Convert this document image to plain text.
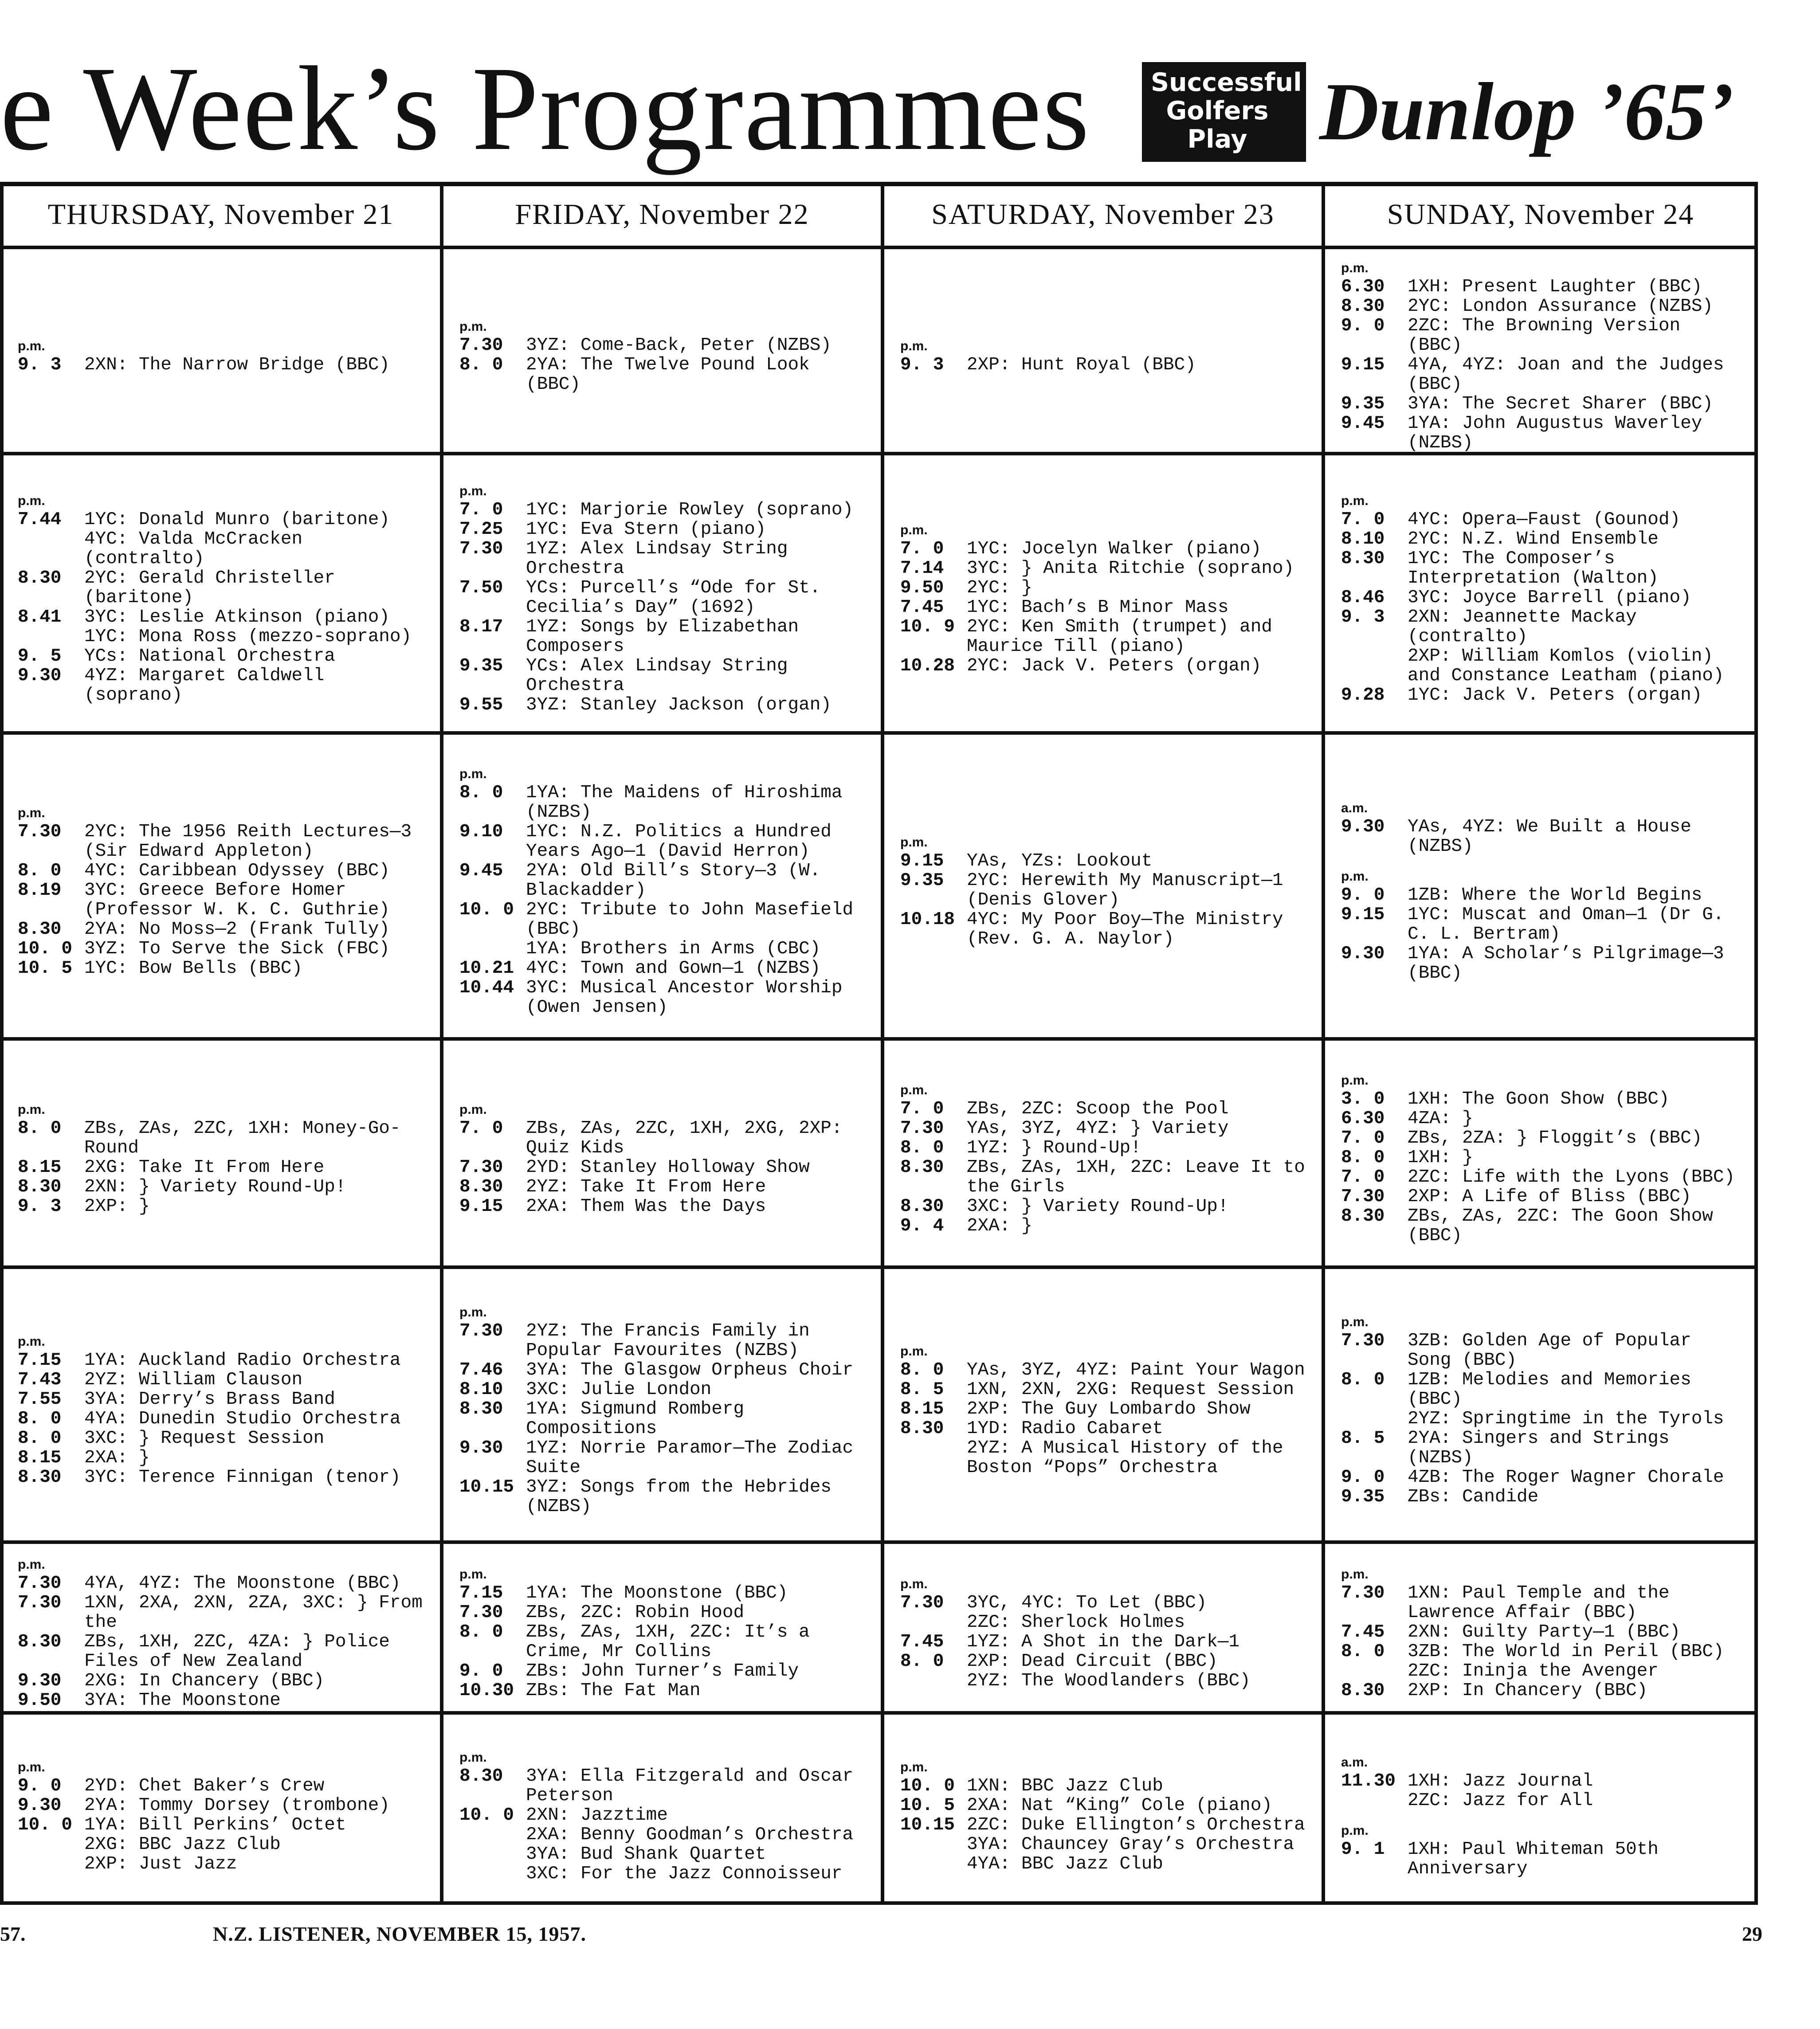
e Week’s Programmes Successful
Golfers
Play Dunlop ’65’
THURSDAY, November 21	FRIDAY, November 22	SATURDAY, November 23	SUNDAY, November 24
p.m.
9. 3	2XN: The Narrow Bridge (BBC)
p.m.
7.30	3YZ: Come-Back, Peter (NZBS)
8. 0	2YA: The Twelve Pound Look (BBC)
p.m.
9. 3	2XP: Hunt Royal (BBC)
p.m.
6.30	1XH: Present Laughter (BBC)
8.30	2YC: London Assurance (NZBS)
9. 0	2ZC: The Browning Version (BBC)
9.15	4YA, 4YZ: Joan and the Judges (BBC)
9.35	3YA: The Secret Sharer (BBC)
9.45	1YA: John Augustus Waverley (NZBS)
p.m.
7.44	1YC: Donald Munro (baritone)
4YC: Valda McCracken (contralto)
8.30	2YC: Gerald Christeller (baritone)
8.41	3YC: Leslie Atkinson (piano)
1YC: Mona Ross (mezzo-soprano)
9. 5	YCs: National Orchestra
9.30	4YZ: Margaret Caldwell (soprano)
p.m.
7. 0	1YC: Marjorie Rowley (soprano)
7.25	1YC: Eva Stern (piano)
7.30	1YZ: Alex Lindsay String Orchestra
7.50	YCs: Purcell’s “Ode for St. Cecilia’s Day” (1692)
8.17	1YZ: Songs by Elizabethan Composers
9.35	YCs: Alex Lindsay String Orchestra
9.55	3YZ: Stanley Jackson (organ)
p.m.
7. 0	1YC: Jocelyn Walker (piano)
7.14	3YC: } Anita Ritchie (soprano)
9.50	2YC: }
7.45	1YC: Bach’s B Minor Mass
10. 9 2YC: Ken Smith (trumpet) and Maurice Till (piano)
10.28 2YC: Jack V. Peters (organ)
p.m.
7. 0	4YC: Opera—Faust (Gounod)
8.10	2YC: N.Z. Wind Ensemble
8.30	1YC: The Composer’s Interpretation (Walton)
8.46	3YC: Joyce Barrell (piano)
9. 3	2XN: Jeannette Mackay (contralto)
2XP: William Komlos (violin) and Constance Leatham (piano)
9.28	1YC: Jack V. Peters (organ)
p.m.
7.30	2YC: The 1956 Reith Lectures—3 (Sir Edward Appleton)
8. 0	4YC: Caribbean Odyssey (BBC)
8.19	3YC: Greece Before Homer (Professor W. K. C. Guthrie)
8.30	2YA: No Moss—2 (Frank Tully)
10. 0 3YZ: To Serve the Sick (FBC)
10. 5 1YC: Bow Bells (BBC)
p.m.
8. 0	1YA: The Maidens of Hiroshima (NZBS)
9.10	1YC: N.Z. Politics a Hundred Years Ago—1 (David Herron)
9.45	2YA: Old Bill’s Story—3 (W. Blackadder)
10. 0 2YC: Tribute to John Masefield (BBC)
1YA: Brothers in Arms (CBC)
10.21 4YC: Town and Gown—1 (NZBS)
10.44 3YC: Musical Ancestor Worship (Owen Jensen)
p.m.
9.15	YAs, YZs: Lookout
9.35	2YC: Herewith My Manuscript—1 (Denis Glover)
10.18 4YC: My Poor Boy—The Ministry (Rev. G. A. Naylor)
a.m.
9.30	YAs, 4YZ: We Built a House (NZBS)
p.m.
9. 0	1ZB: Where the World Begins
9.15	1YC: Muscat and Oman—1 (Dr G. C. L. Bertram)
9.30	1YA: A Scholar’s Pilgrimage—3 (BBC)
p.m.
8. 0	ZBs, ZAs, 2ZC, 1XH: Money-Go-Round
8.15	2XG: Take It From Here
8.30	2XN: } Variety Round-Up!
9. 3	2XP: }
p.m.
7. 0	ZBs, ZAs, 2ZC, 1XH, 2XG, 2XP: Quiz Kids
7.30	2YD: Stanley Holloway Show
8.30	2YZ: Take It From Here
9.15	2XA: Them Was the Days
p.m.
7. 0	ZBs, 2ZC: Scoop the Pool
7.30	YAs, 3YZ, 4YZ: } Variety
8. 0	1YZ: } Round-Up!
8.30	ZBs, ZAs, 1XH, 2ZC: Leave It to the Girls
8.30	3XC: } Variety Round-Up!
9. 4	2XA: }
p.m.
3. 0	1XH: The Goon Show (BBC)
6.30	4ZA: }
7. 0	ZBs, 2ZA: } Floggit’s (BBC)
8. 0	1XH: }
7. 0	2ZC: Life with the Lyons (BBC)
7.30	2XP: A Life of Bliss (BBC)
8.30	ZBs, ZAs, 2ZC: The Goon Show (BBC)
p.m.
7.15	1YA: Auckland Radio Orchestra
7.43	2YZ: William Clauson
7.55	3YA: Derry’s Brass Band
8. 0	4YA: Dunedin Studio Orchestra
8. 0	3XC: } Request Session
8.15	2XA: }
8.30	3YC: Terence Finnigan (tenor)
p.m.
7.30	2YZ: The Francis Family in Popular Favourites (NZBS)
7.46	3YA: The Glasgow Orpheus Choir
8.10	3XC: Julie London
8.30	1YA: Sigmund Romberg Compositions
9.30	1YZ: Norrie Paramor—The Zodiac Suite
10.15 3YZ: Songs from the Hebrides (NZBS)
p.m.
8. 0	YAs, 3YZ, 4YZ: Paint Your Wagon
8. 5	1XN, 2XN, 2XG: Request Session
8.15	2XP: The Guy Lombardo Show
8.30	1YD: Radio Cabaret
2YZ: A Musical History of the Boston “Pops” Orchestra
p.m.
7.30	3ZB: Golden Age of Popular Song (BBC)
8. 0	1ZB: Melodies and Memories (BBC)
2YZ: Springtime in the Tyrols
8. 5	2YA: Singers and Strings (NZBS)
9. 0	4ZB: The Roger Wagner Chorale
9.35	ZBs: Candide
p.m.
7.30	4YA, 4YZ: The Moonstone (BBC)
7.30	1XN, 2XA, 2XN, 2ZA, 3XC: } From the
8.30	ZBs, 1XH, 2ZC, 4ZA: } Police Files of New Zealand
9.30	2XG: In Chancery (BBC)
9.50	3YA: The Moonstone
p.m.
7.15	1YA: The Moonstone (BBC)
7.30	ZBs, 2ZC: Robin Hood
8. 0	ZBs, ZAs, 1XH, 2ZC: It’s a Crime, Mr Collins
9. 0	ZBs: John Turner’s Family
10.30 ZBs: The Fat Man
p.m.
7.30	3YC, 4YC: To Let (BBC)
2ZC: Sherlock Holmes
7.45	1YZ: A Shot in the Dark—1
8. 0	2XP: Dead Circuit (BBC)
2YZ: The Woodlanders (BBC)
p.m.
7.30	1XN: Paul Temple and the Lawrence Affair (BBC)
7.45	2XN: Guilty Party—1 (BBC)
8. 0	3ZB: The World in Peril (BBC)
2ZC: Ininja the Avenger
8.30	2XP: In Chancery (BBC)
p.m.
9. 0	2YD: Chet Baker’s Crew
9.30	2YA: Tommy Dorsey (trombone)
10. 0 1YA: Bill Perkins’ Octet
2XG: BBC Jazz Club
2XP: Just Jazz
p.m.
8.30	3YA: Ella Fitzgerald and Oscar Peterson
10. 0 2XN: Jazztime
2XA: Benny Goodman’s Orchestra
3YA: Bud Shank Quartet
3XC: For the Jazz Connoisseur
p.m.
10. 0 1XN: BBC Jazz Club
10. 5 2XA: Nat “King” Cole (piano)
10.15 2ZC: Duke Ellington’s Orchestra
3YA: Chauncey Gray’s Orchestra
4YA: BBC Jazz Club
a.m.
11.30 1XH: Jazz Journal
2ZC: Jazz for All
p.m.
9. 1	1XH: Paul Whiteman 50th Anniversary
57.	N.Z. LISTENER, NOVEMBER 15, 1957.	29
